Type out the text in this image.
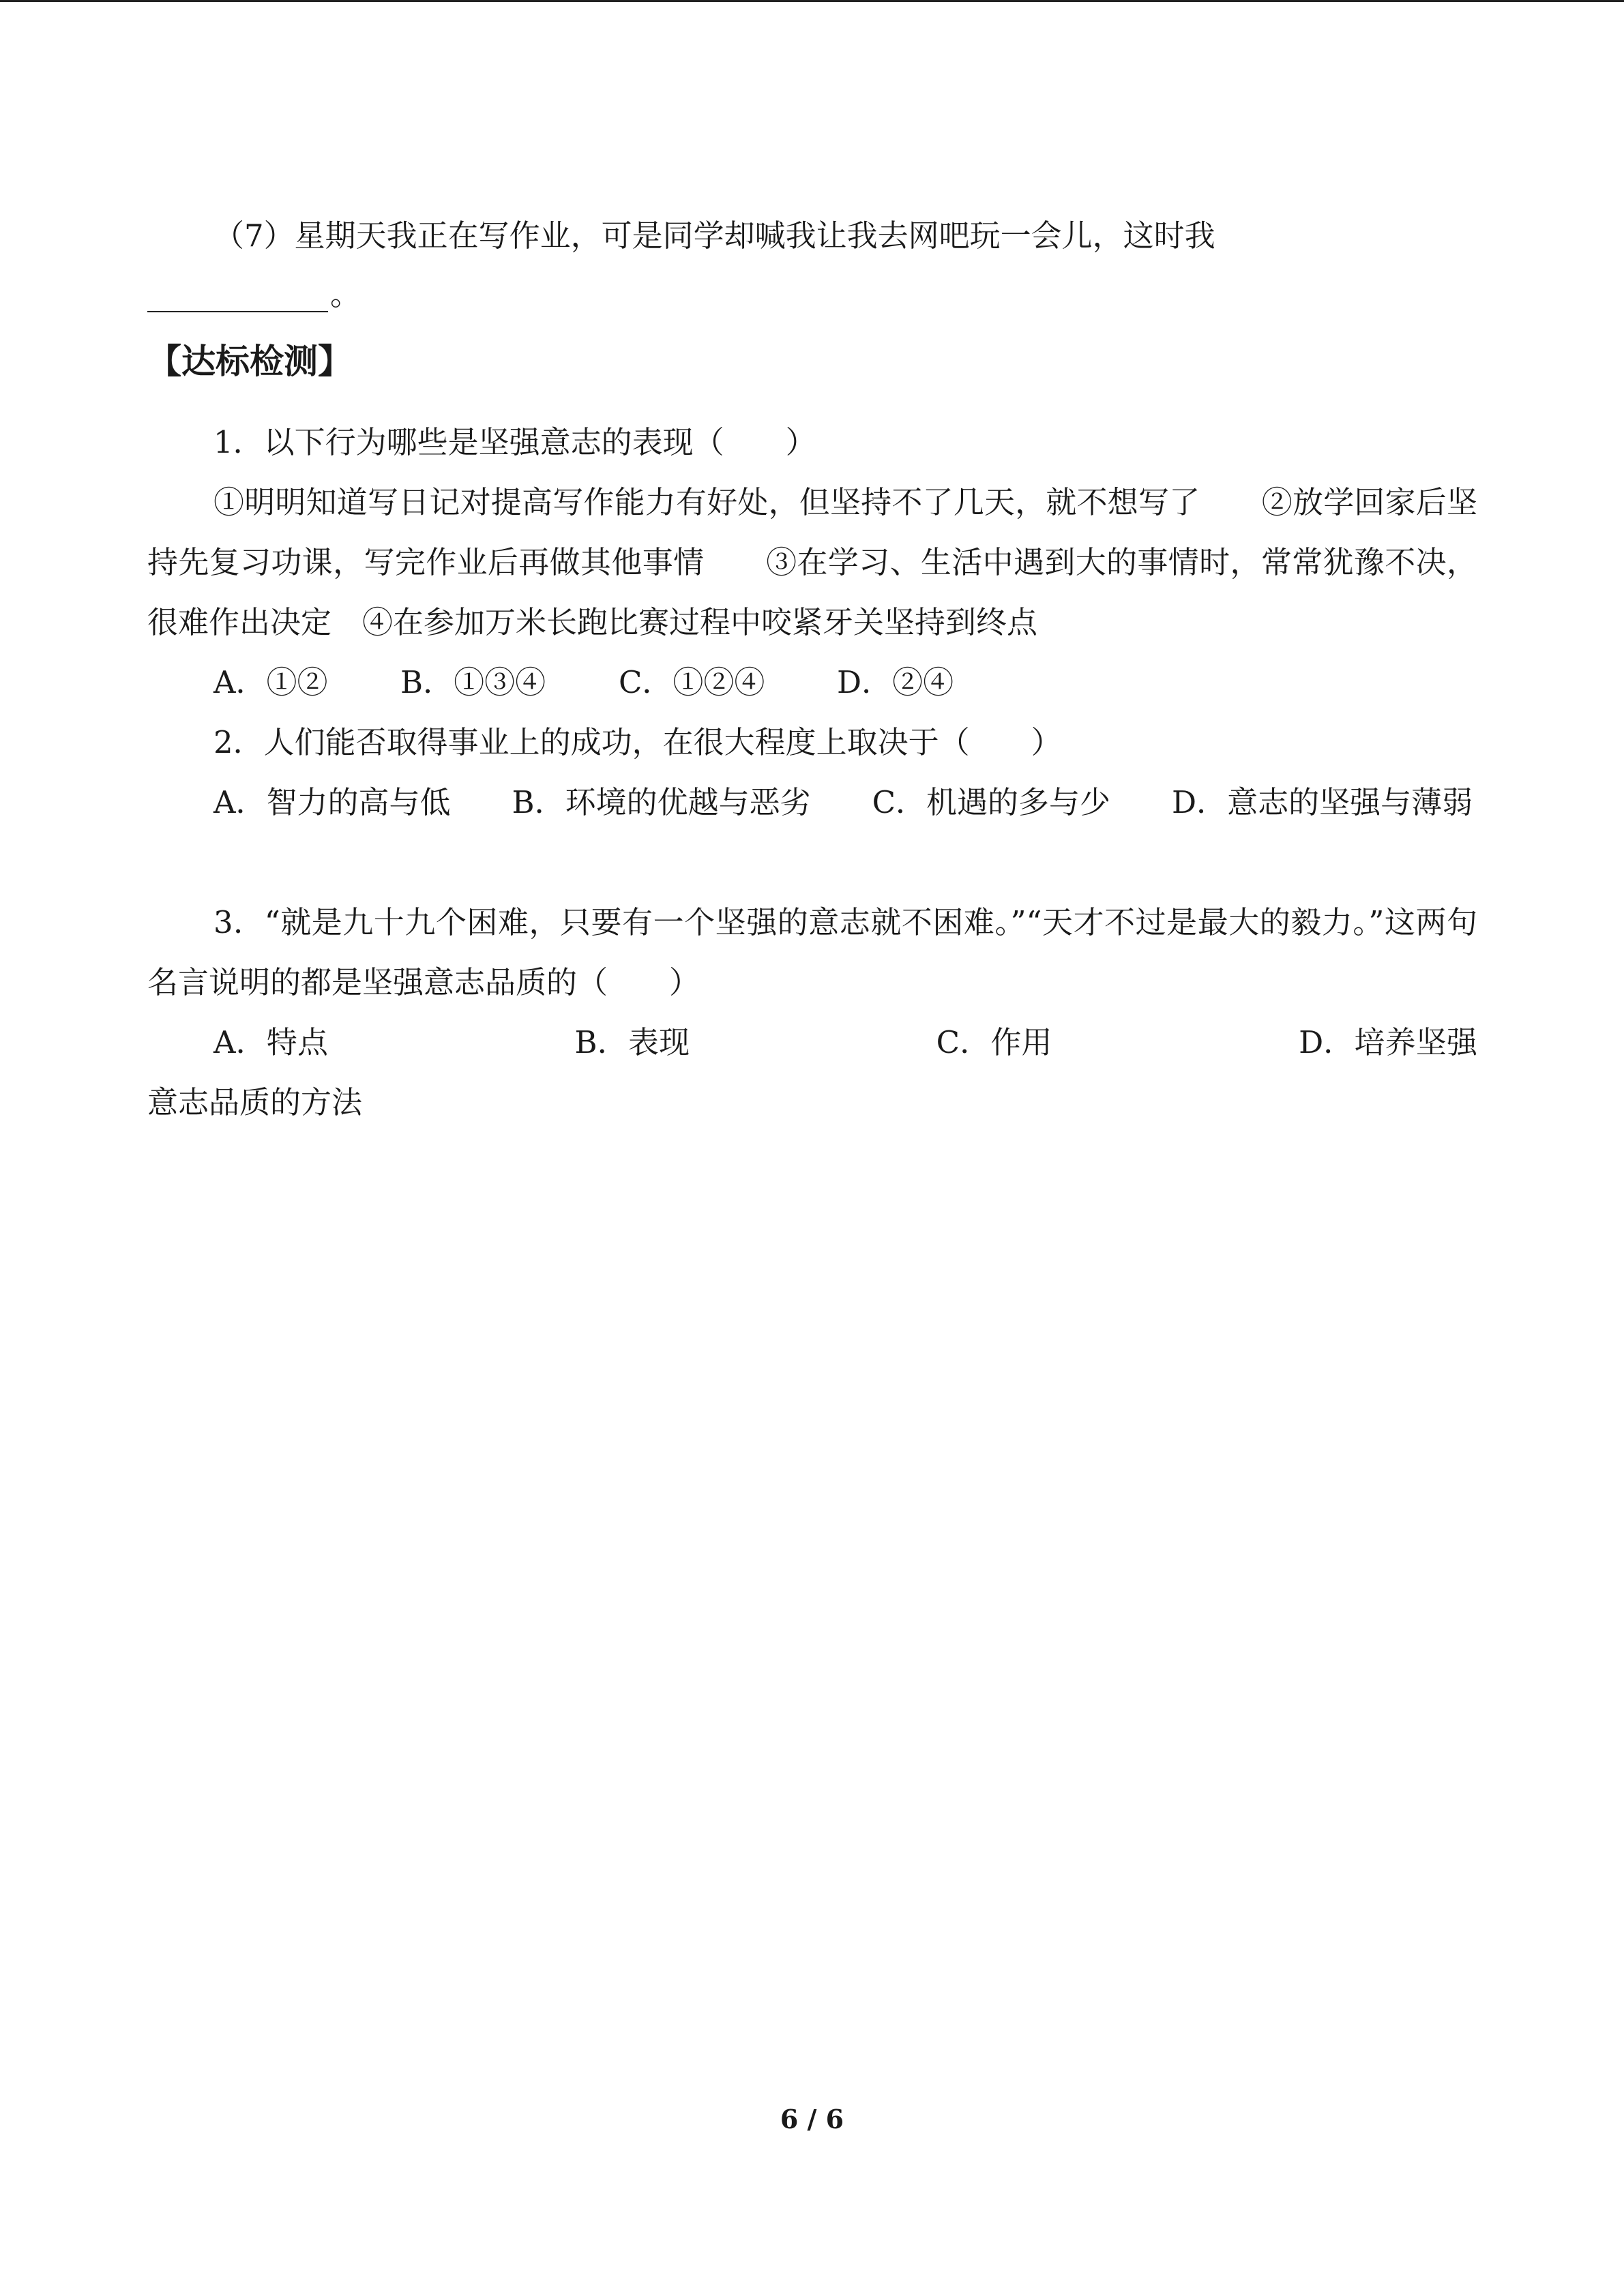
（7）星期天我正在写作业，可是同学却喊我让我去网吧玩一会儿，这时我

。
【达标检测】

1．以下行为哪些是坚强意志的表现（　　）

①明明知道写日记对提高写作能力有好处，但坚持不了几天，就不想写了　　②放学回家后坚持先复习功课，写完作业后再做其他事情　　③在学习、生活中遇到大的事情时，常常犹豫不决，很难作出决定　④在参加万米长跑比赛过程中咬紧牙关坚持到终点

A．①② B．①③④ C．①②④ D．②④

2．人们能否取得事业上的成功，在很大程度上取决于（　　）

A．智力的高与低　　B．环境的优越与恶劣　　C．机遇的多与少　　D．意志的坚强与薄弱

3．“就是九十九个困难，只要有一个坚强的意志就不困难。”“天才不过是最大的毅力。”这两句名言说明的都是坚强意志品质的（　　）

A．特点　　　　　　　　B．表现　　　　　　　　C．作用　　　　　　　　D．培养坚强意志品质的方法

6 / 6
